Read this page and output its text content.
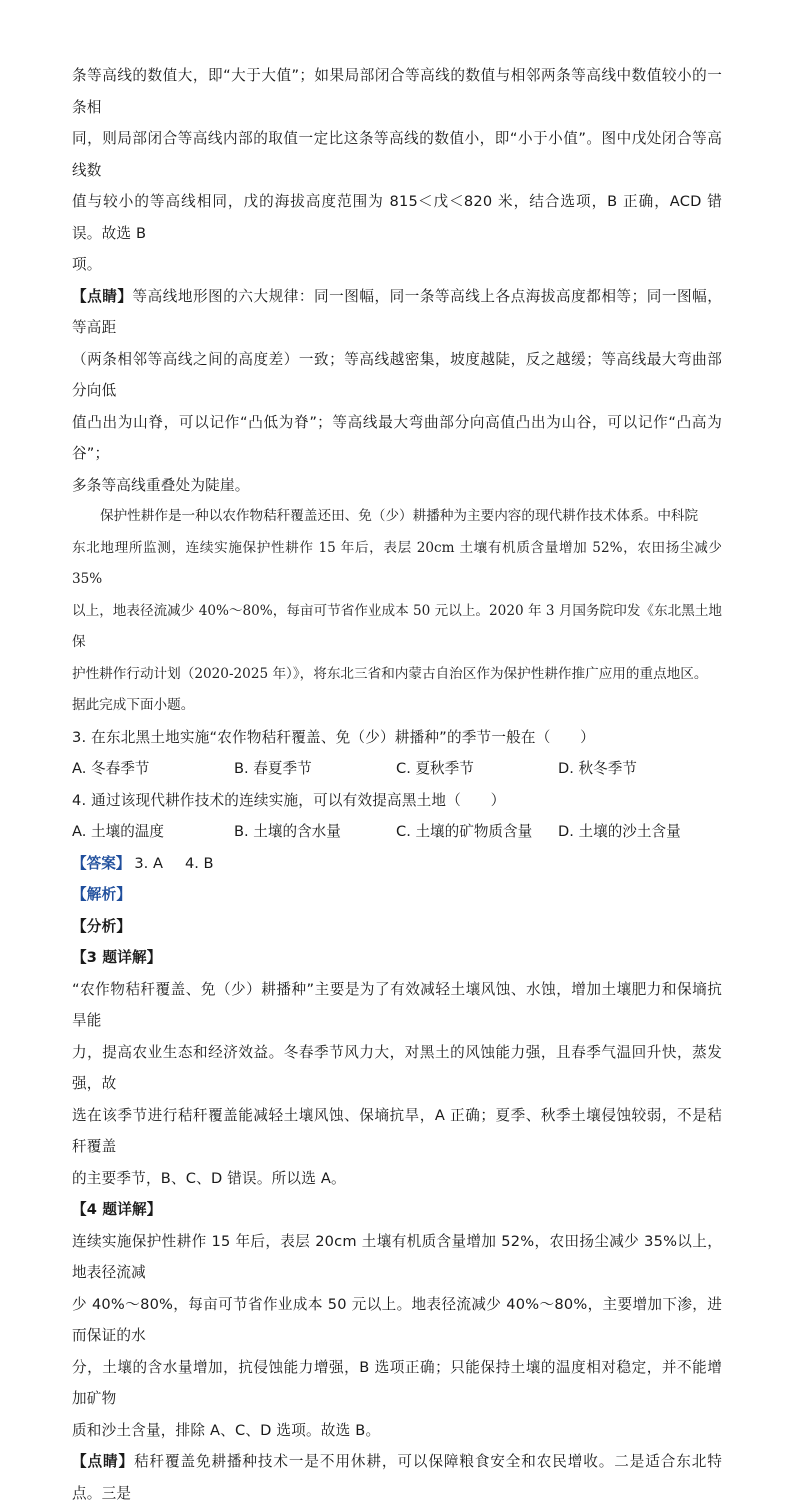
条等高线的数值大，即“大于大值”；如果局部闭合等高线的数值与相邻两条等高线中数值较小的一条相

同，则局部闭合等高线内部的取值一定比这条等高线的数值小，即“小于小值”。图中戊处闭合等高线数

值与较小的等高线相同，戊的海拔高度范围为 815＜戊＜820 米，结合选项，B 正确，ACD 错误。故选 B

项。

【点睛】等高线地形图的六大规律：同一图幅，同一条等高线上各点海拔高度都相等；同一图幅，等高距

（两条相邻等高线之间的高度差）一致；等高线越密集，坡度越陡，反之越缓；等高线最大弯曲部分向低

值凸出为山脊，可以记作“凸低为脊”；等高线最大弯曲部分向高值凸出为山谷，可以记作“凸高为谷”；

多条等高线重叠处为陡崖。

保护性耕作是一种以农作物秸秆覆盖还田、免（少）耕播种为主要内容的现代耕作技术体系。中科院

东北地理所监测，连续实施保护性耕作 15 年后，表层 20cm 土壤有机质含量增加 52%，农田扬尘减少 35%

以上，地表径流减少 40%～80%，每亩可节省作业成本 50 元以上。2020 年 3 月国务院印发《东北黑土地保

护性耕作行动计划（2020-2025 年）》，将东北三省和内蒙古自治区作为保护性耕作推广应用的重点地区。

据此完成下面小题。

3. 在东北黑土地实施“农作物秸秆覆盖、免（少）耕播种”的季节一般在（　　）

A. 冬春季节	B. 春夏季节	C. 夏秋季节	D. 秋冬季节

4. 通过该现代耕作技术的连续实施，可以有效提高黑土地（　　）

A. 土壤的温度	B. 土壤的含水量	C. 土壤的矿物质含量	D. 土壤的沙土含量

【答案】 3. A 4. B

【解析】

【分析】

【3 题详解】

“农作物秸秆覆盖、免（少）耕播种”主要是为了有效减轻土壤风蚀、水蚀，增加土壤肥力和保墒抗旱能

力，提高农业生态和经济效益。冬春季节风力大，对黑土的风蚀能力强，且春季气温回升快，蒸发强，故

选在该季节进行秸秆覆盖能减轻土壤风蚀、保墒抗旱，A 正确；夏季、秋季土壤侵蚀较弱，不是秸秆覆盖

的主要季节，B、C、D 错误。所以选 A。

【4 题详解】

连续实施保护性耕作 15 年后，表层 20cm 土壤有机质含量增加 52%，农田扬尘减少 35%以上，地表径流减

少 40%～80%，每亩可节省作业成本 50 元以上。地表径流减少 40%～80%，主要增加下渗，进而保证的水

分，土壤的含水量增加，抗侵蚀能力增强，B 选项正确；只能保持土壤的温度相对稳定，并不能增加矿物

质和沙土含量，排除 A、C、D 选项。故选 B。

【点睛】秸秆覆盖免耕播种技术一是不用休耕，可以保障粮食安全和农民增收。二是适合东北特点。三是
